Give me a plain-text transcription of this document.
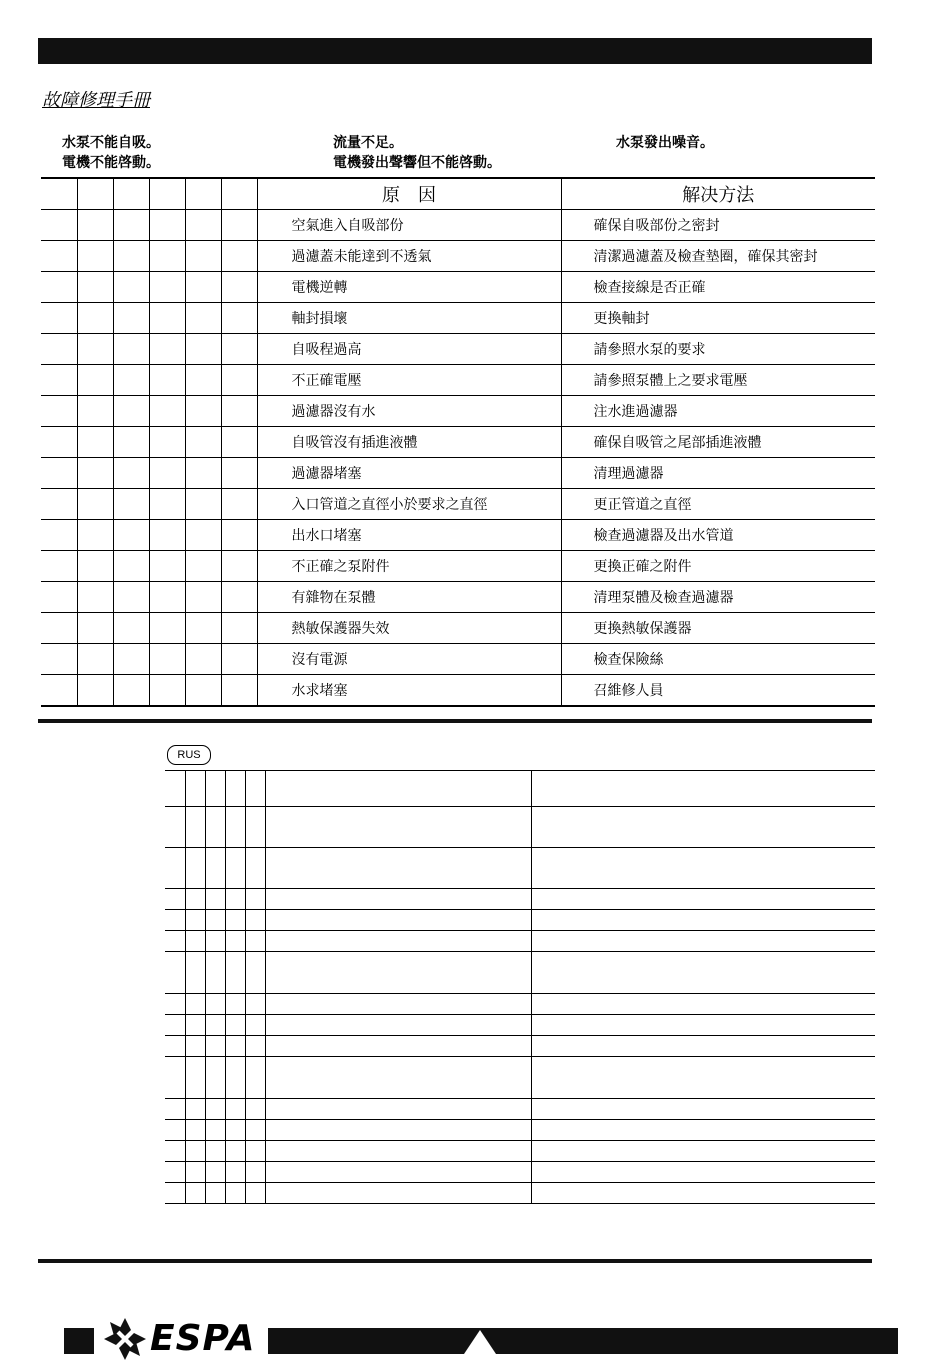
故障修理手冊
水泵不能自吸。
電機不能啓動。
流量不足。
電機發出聲響但不能啓動。
水泵發出噪音。
						原　因	解决方法
						空氣進入自吸部份	確保自吸部份之密封
						過濾蓋未能達到不透氣	清潔過濾蓋及檢查墊圈，確保其密封
						電機逆轉	檢查接線是否正確
						軸封損壞	更換軸封
						自吸程過高	請參照水泵的要求
						不正確電壓	請參照泵體上之要求電壓
						過濾器沒有水	注水進過濾器
						自吸管沒有插進液體	確保自吸管之尾部插進液體
						過濾器堵塞	清理過濾器
						入口管道之直徑小於要求之直徑	更正管道之直徑
						出水口堵塞	檢查過濾器及出水管道
						不正確之泵附件	更換正確之附件
						有雜物在泵體	清理泵體及檢查過濾器
						熱敏保護器失效	更換熱敏保護器
						沒有電源	檢查保險絲
						水求堵塞	召維修人員
RUS

ESPA
